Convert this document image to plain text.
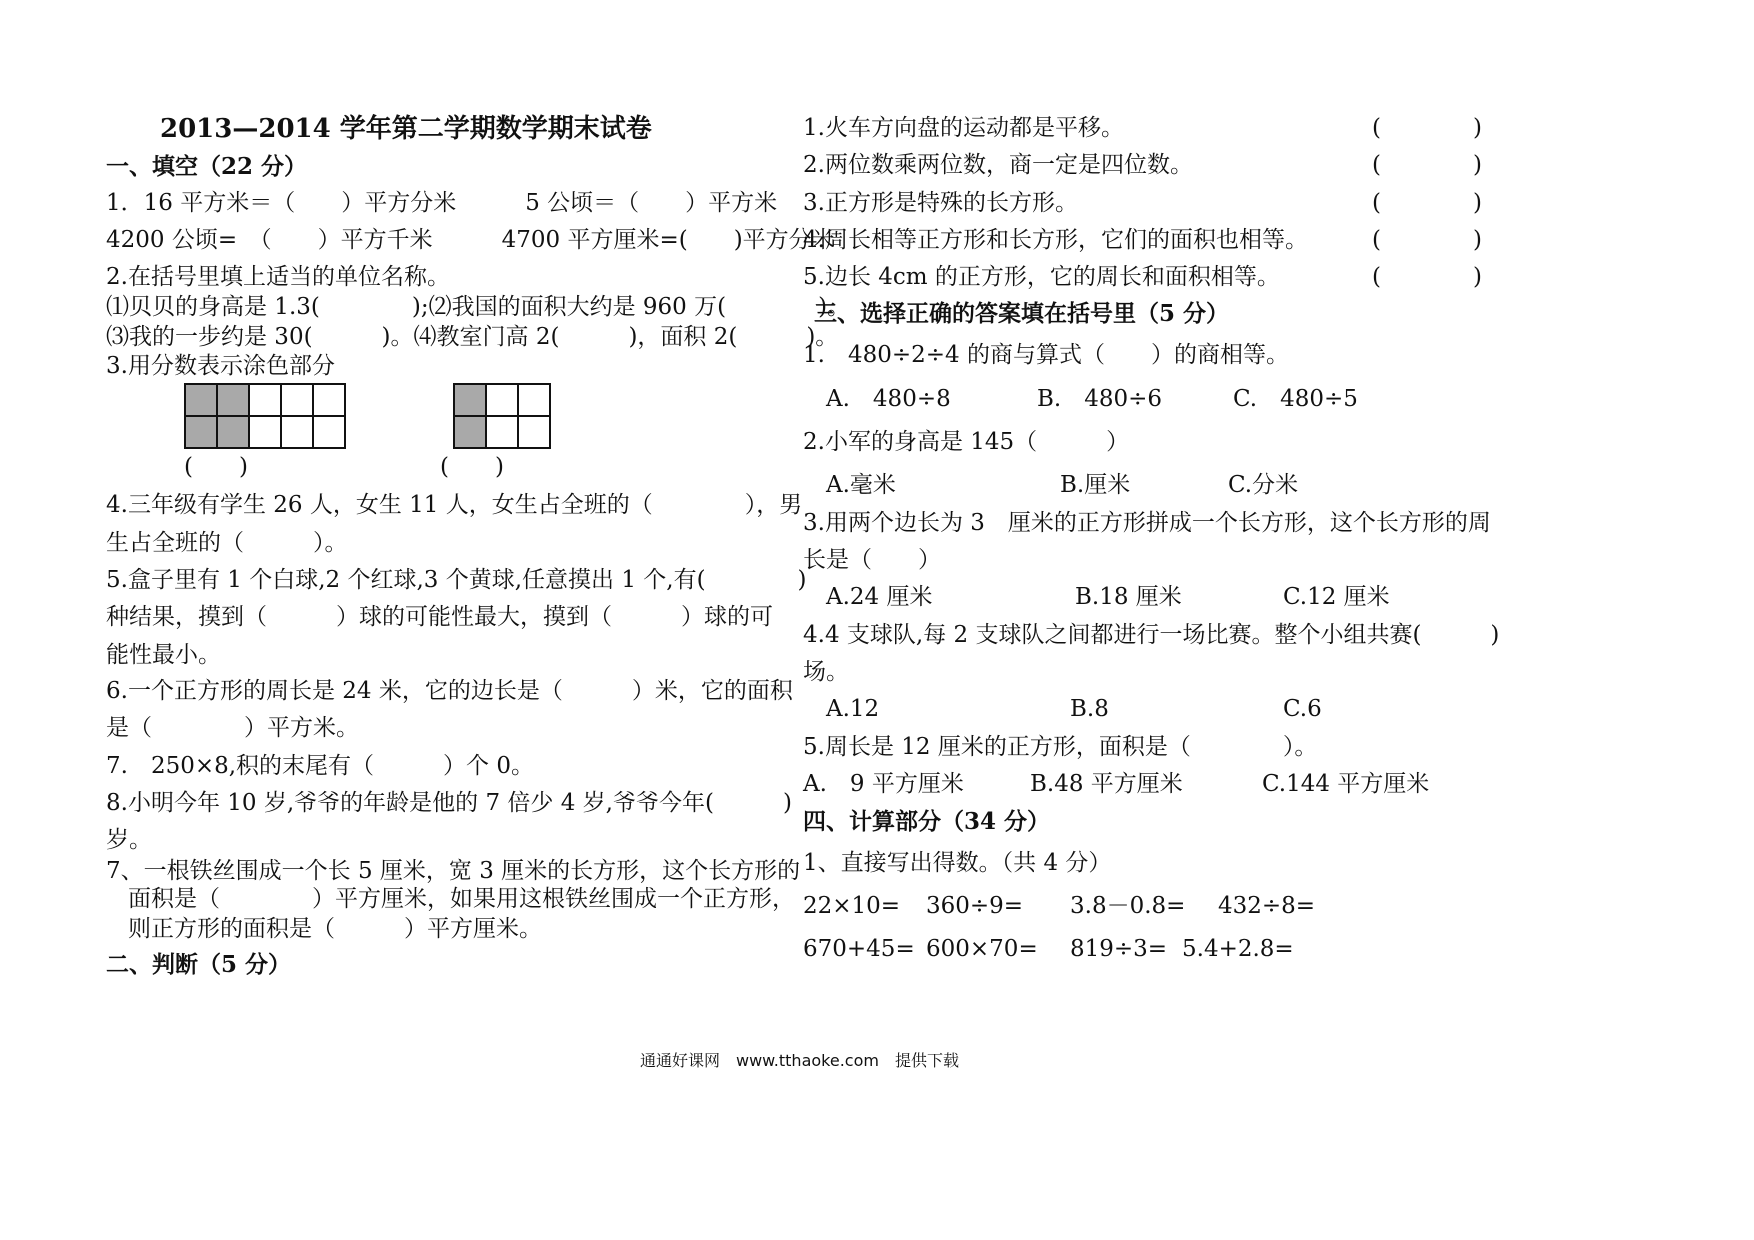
2013—2014 学年第二学期数学期末试卷
一、填空（22 分）
1．16 平方米＝（　　）平方分米　　　5 公顷＝（　　）平方米
4200 公顷=　（　　）平方千米　　　4700 平方厘米=(　　)平方分米
2.在括号里填上适当的单位名称。
⑴贝贝的身高是 1.3(　　　　);⑵我国的面积大约是 960 万(　　　　)。
⑶我的一步约是 30(　　　)。⑷教室门高 2(　　　)，面积 2(　　　)。
3.用分数表示涂色部分

(　　)	(　　)
4.三年级有学生 26 人，女生 11 人，女生占全班的（　　　　），男
生占全班的（　　　）。
5.盒子里有 1 个白球,2 个红球,3 个黄球,任意摸出 1 个,有(　　　　)
种结果，摸到（　　　）球的可能性最大，摸到（　　　）球的可
能性最小。
6.一个正方形的周长是 24 米，它的边长是（　　　）米，它的面积
是（　　　　）平方米。
7.　250×8,积的末尾有（　　　）个 0。
8.小明今年 10 岁,爷爷的年龄是他的 7 倍少 4 岁,爷爷今年(　　　)
岁。
7、一根铁丝围成一个长 5 厘米，宽 3 厘米的长方形，这个长方形的
面积是（　　　　）平方厘米，如果用这根铁丝围成一个正方形，
则正方形的面积是（　　　）平方厘米。
二、判断（5 分）
1.火车方向盘的运动都是平移。	(　　　　)
2.两位数乘两位数，商一定是四位数。	(　　　　)
3.正方形是特殊的长方形。	(　　　　)
4.周长相等正方形和长方形，它们的面积也相等。	(　　　　)
5.边长 4cm 的正方形，它的周长和面积相等。	(　　　　)
三、选择正确的答案填在括号里（5 分）
1.　480÷2÷4 的商与算式（　　）的商相等。
A.　480÷8	B.　480÷6	C.　480÷5
2.小军的身高是 145（　　　）
A.毫米	B.厘米	C.分米
3.用两个边长为 3　厘米的正方形拼成一个长方形，这个长方形的周
长是（　　）
A.24 厘米	B.18 厘米	C.12 厘米
4.4 支球队,每 2 支球队之间都进行一场比赛。整个小组共赛(　　　)
场。
A.12	B.8	C.6
5.周长是 12 厘米的正方形，面积是（　　　　）。
A.　9 平方厘米	B.48 平方厘米	C.144 平方厘米
四、计算部分（34 分）
1、直接写出得数。（共 4 分）
22×10= 360÷9= 3.8－0.8= 432÷8=
670+45= 600×70= 819÷3= 5.4+2.8=
通通好课网　www.tthaoke.com　提供下载
